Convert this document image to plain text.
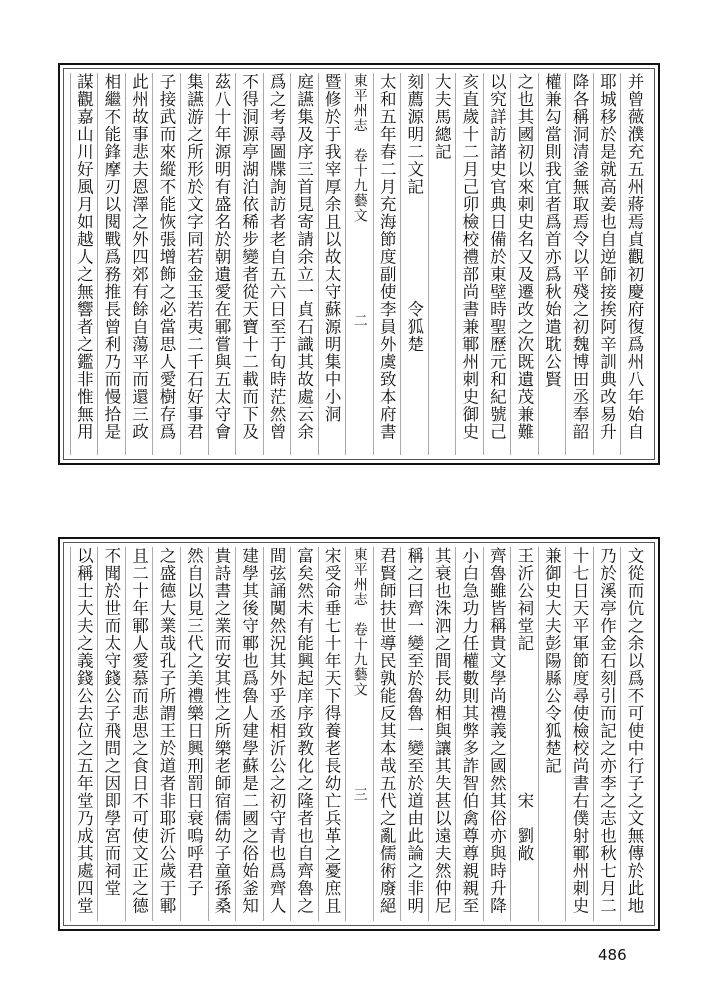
并曾薇濮充五州蔣焉貞觀初慶府復爲州八年始自
耶城移於是就高姜也自逆師接挨阿辛訓典改易升
降各稱洞清釜無取焉令以平殘之初魏博田丞奉韶
權兼勾當則我宜者爲首亦爲秋始遣耽公賢
之也其國初以來刺史名又及遷改之次既遺茂兼難
以究詳訪諸史官典日備於東壁時聖歷元和紀號己
亥直歲十二月己卯檢校禮部尚書兼鄆州刺史御史
大夫馬總記
刻薦源明二文記　　　　　　令狐楚
太和五年春二月充海節度副使李員外虞致本府書
東平州志　卷十九藝文　　　　　　二
暨修於于我宰厚余且以故太守蘇源明集中小洞
庭讌集及序三首見寄請余立一貞石識其故處云余
爲之考尋圖牒詢訪者老自五六日至于旬時茫然曾
不得洞源亭湖泊依稀步變者從天寶十二載而下及
茲八十年源明有盛名於朝遺愛在鄆嘗與五太守會
集讌游之所形於文字同若金玉若夷二千石好事君
子接武而來縱不能恢張增飾之必當思人愛樹存爲
此州故事悲夫恩澤之外四郊有餘自蕩平而還三政
相繼不能鋒摩刃以閱戰爲務推長曾利乃而慢拾是
謀觀嘉山川好風月如越人之無響者之鑑非惟無用
文從而伉之余以爲不可使中行子之文無傳於此地
乃於溪亭作金石刻引而記之亦李之志也秋七月二
十七日天平軍節度尋使檢校尚書右僕射鄆州刺史
兼御史大夫彭陽縣公令狐楚記
王沂公祠堂記　　　　　　　　宋　劉敞
齊魯雖皆稱貴文學尚禮義之國然其俗亦與時升降
小白急功力任權數則其弊多詐智伯禽尊尊親親至
其衰也洙泗之間長幼相與讓其失甚以遠夫然仲尼
稱之曰齊一變至於魯魯一變至於道由此論之非明
君賢師扶世導民孰能反其本哉五代之亂儒術廢絕
東平州志　卷十九藝文　　　　　　三
宋受命垂七十年天下得養老長幼亡兵革之憂庶且
富矣然未有能興起庠序致教化之隆者也自齊魯之
間弦誦闃然況其外乎丞相沂公之初守青也爲齊人
建學其後守鄆也爲魯人建學蘇是二國之俗始釜知
貴詩書之業而安其性之所樂老師宿儒幼子童孫桑
然自以見三代之美禮樂日興刑罰日衰嗚呼君子
之盛德大業哉孔子所謂王於道者非耶沂公歲于鄆
且二十年鄆人愛慕而悲思之食日不可使文正之德
不聞於世而太守錢公子飛問之因即學宮而祠堂
以稱士大夫之義錢公去位之五年堂乃成其處四堂
486
